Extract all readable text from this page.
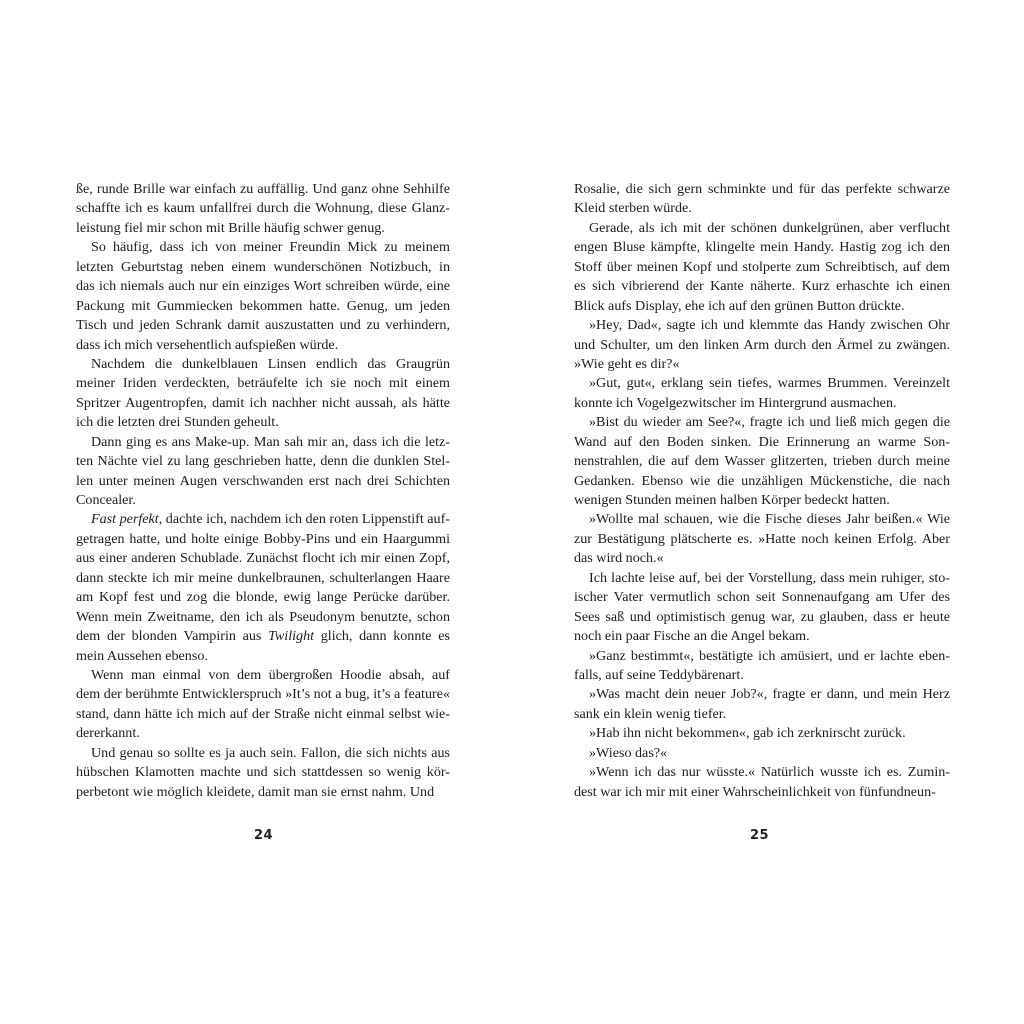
ße, runde Brille war einfach zu auffällig. Und ganz ohne Sehhilfe
schaffte ich es kaum unfallfrei durch die Wohnung, diese Glanz-
leistung fiel mir schon mit Brille häufig schwer genug.
So häufig, dass ich von meiner Freundin Mick zu meinem
letzten Geburtstag neben einem wunderschönen Notizbuch, in
das ich niemals auch nur ein einziges Wort schreiben würde, eine
Packung mit Gummiecken bekommen hatte. Genug, um jeden
Tisch und jeden Schrank damit auszustatten und zu verhindern,
dass ich mich versehentlich aufspießen würde.
Nachdem die dunkelblauen Linsen endlich das Graugrün
meiner Iriden verdeckten, beträufelte ich sie noch mit einem
Spritzer Augentropfen, damit ich nachher nicht aussah, als hätte
ich die letzten drei Stunden geheult.
Dann ging es ans Make-up. Man sah mir an, dass ich die letz-
ten Nächte viel zu lang geschrieben hatte, denn die dunklen Stel-
len unter meinen Augen verschwanden erst nach drei Schichten
Concealer.
Fast perfekt, dachte ich, nachdem ich den roten Lippenstift auf-
getragen hatte, und holte einige Bobby-Pins und ein Haargummi
aus einer anderen Schublade. Zunächst flocht ich mir einen Zopf,
dann steckte ich mir meine dunkelbraunen, schulterlangen Haare
am Kopf fest und zog die blonde, ewig lange Perücke darüber.
Wenn mein Zweitname, den ich als Pseudonym benutzte, schon
dem der blonden Vampirin aus Twilight glich, dann konnte es
mein Aussehen ebenso.
Wenn man einmal von dem übergroßen Hoodie absah, auf
dem der berühmte Entwicklerspruch »It’s not a bug, it’s a feature«
stand, dann hätte ich mich auf der Straße nicht einmal selbst wie-
dererkannt.
Und genau so sollte es ja auch sein. Fallon, die sich nichts aus
hübschen Klamotten machte und sich stattdessen so wenig kör-
perbetont wie möglich kleidete, damit man sie ernst nahm. Und
24
Rosalie, die sich gern schminkte und für das perfekte schwarze
Kleid sterben würde.
Gerade, als ich mit der schönen dunkelgrünen, aber verflucht
engen Bluse kämpfte, klingelte mein Handy. Hastig zog ich den
Stoff über meinen Kopf und stolperte zum Schreibtisch, auf dem
es sich vibrierend der Kante näherte. Kurz erhaschte ich einen
Blick aufs Display, ehe ich auf den grünen Button drückte.
»Hey, Dad«, sagte ich und klemmte das Handy zwischen Ohr
und Schulter, um den linken Arm durch den Ärmel zu zwängen.
»Wie geht es dir?«
»Gut, gut«, erklang sein tiefes, warmes Brummen. Vereinzelt
konnte ich Vogelgezwitscher im Hintergrund ausmachen.
»Bist du wieder am See?«, fragte ich und ließ mich gegen die
Wand auf den Boden sinken. Die Erinnerung an warme Son-
nenstrahlen, die auf dem Wasser glitzerten, trieben durch meine
Gedanken. Ebenso wie die unzähligen Mückenstiche, die nach
wenigen Stunden meinen halben Körper bedeckt hatten.
»Wollte mal schauen, wie die Fische dieses Jahr beißen.« Wie
zur Bestätigung plätscherte es. »Hatte noch keinen Erfolg. Aber
das wird noch.«
Ich lachte leise auf, bei der Vorstellung, dass mein ruhiger, sto-
ischer Vater vermutlich schon seit Sonnenaufgang am Ufer des
Sees saß und optimistisch genug war, zu glauben, dass er heute
noch ein paar Fische an die Angel bekam.
»Ganz bestimmt«, bestätigte ich amüsiert, und er lachte eben-
falls, auf seine Teddybärenart.
»Was macht dein neuer Job?«, fragte er dann, und mein Herz
sank ein klein wenig tiefer.
»Hab ihn nicht bekommen«, gab ich zerknirscht zurück.
»Wieso das?«
»Wenn ich das nur wüsste.« Natürlich wusste ich es. Zumin-
dest war ich mir mit einer Wahrscheinlichkeit von fünfundneun-
25
